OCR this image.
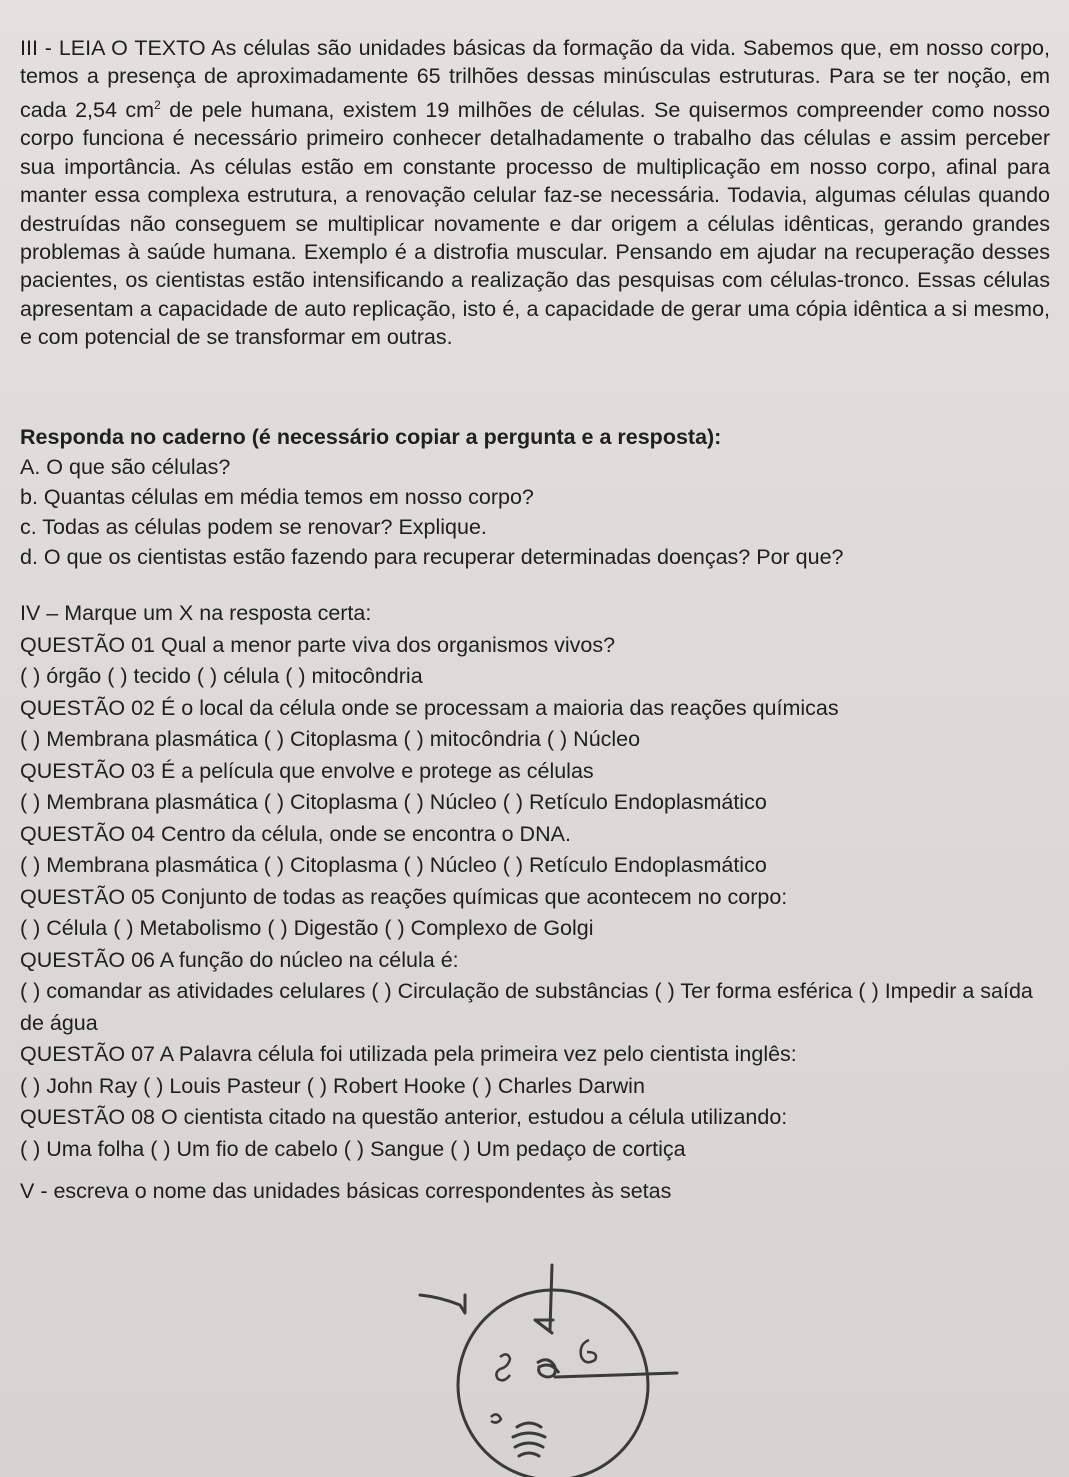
III - LEIA O TEXTO As células são unidades básicas da formação da vida. Sabemos que, em nosso corpo, temos a presença de aproximadamente 65 trilhões dessas minúsculas estruturas. Para se ter noção, em cada 2,54 $cm^2$ de pele humana, existem 19 milhões de células. Se quisermos compreender como nosso corpo funciona é necessário primeiro conhecer detalhadamente o trabalho das células e assim perceber sua importância. As células estão em constante processo de multiplicação em nosso corpo, afinal para manter essa complexa estrutura, a renovação celular faz-se necessária. Todavia, algumas células quando destruídas não conseguem se multiplicar novamente e dar origem a células idênticas, gerando grandes problemas à saúde humana. Exemplo é a distrofia muscular. Pensando em ajudar na recuperação desses pacientes, os cientistas estão intensificando a realização das pesquisas com células-tronco. Essas células apresentam a capacidade de auto replicação, isto é, a capacidade de gerar uma cópia idêntica a si mesmo, e com potencial de se transformar em outras.
Responda no caderno (é necessário copiar a pergunta e a resposta):
A. O que são células?
b. Quantas células em média temos em nosso corpo?
c. Todas as células podem se renovar? Explique.
d. O que os cientistas estão fazendo para recuperar determinadas doenças? Por que?
IV – Marque um X na resposta certa:
QUESTÃO 01 Qual a menor parte viva dos organismos vivos?
( ) órgão ( ) tecido ( ) célula ( ) mitocôndria
QUESTÃO 02 É o local da célula onde se processam a maioria das reações químicas
( ) Membrana plasmática ( ) Citoplasma ( ) mitocôndria ( ) Núcleo
QUESTÃO 03 É a película que envolve e protege as células
( ) Membrana plasmática ( ) Citoplasma ( ) Núcleo ( ) Retículo Endoplasmático
QUESTÃO 04 Centro da célula, onde se encontra o DNA.
( ) Membrana plasmática ( ) Citoplasma ( ) Núcleo ( ) Retículo Endoplasmático
QUESTÃO 05 Conjunto de todas as reações químicas que acontecem no corpo:
( ) Célula ( ) Metabolismo ( ) Digestão ( ) Complexo de Golgi
QUESTÃO 06 A função do núcleo na célula é:
( ) comandar as atividades celulares ( ) Circulação de substâncias ( ) Ter forma esférica ( ) Impedir a saída de água
QUESTÃO 07 A Palavra célula foi utilizada pela primeira vez pelo cientista inglês:
( ) John Ray ( ) Louis Pasteur ( ) Robert Hooke ( ) Charles Darwin
QUESTÃO 08 O cientista citado na questão anterior, estudou a célula utilizando:
( ) Uma folha ( ) Um fio de cabelo ( ) Sangue ( ) Um pedaço de cortiça
V - escreva o nome das unidades básicas correspondentes às setas
